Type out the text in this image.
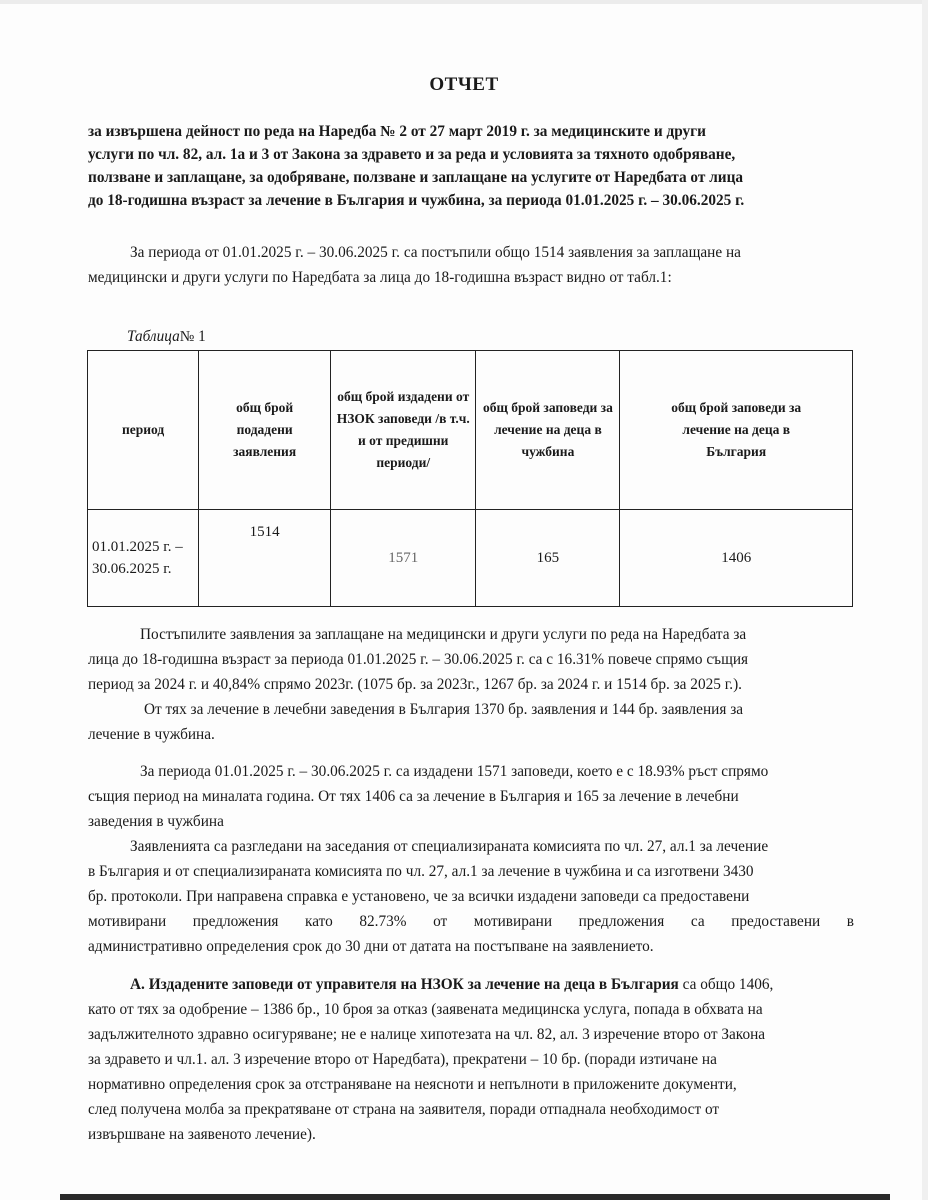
ОТЧЕТ
за извършена дейност по реда на Наредба № 2 от 27 март 2019 г. за медицинските и други
услуги по чл. 82, ал. 1а и 3 от Закона за здравето и за реда и условията за тяхното одобряване,
ползване и заплащане, за одобряване, ползване и заплащане на услугите от Наредбата от лица
до 18-годишна възраст за лечение в България и чужбина, за периода 01.01.2025 г. – 30.06.2025 г.
За периода от 01.01.2025 г. – 30.06.2025 г. са постъпили общо 1514 заявления за заплащане на
медицински и други услуги по Наредбата за лица до 18-годишна възраст видно от табл.1:
Таблица№ 1
период	общ брой подадени заявления	общ брой издадени от НЗОК заповеди /в т.ч. и от предишни периоди/	общ брой заповеди за лечение на деца в чужбина	общ брой заповеди за лечение на деца в България

01.01.2025 г. –
30.06.2025 г.	1514	1571	165	1406
Постъпилите заявления за заплащане на медицински и други услуги по реда на Наредбата за
лица до 18-годишна възраст за периода 01.01.2025 г. – 30.06.2025 г. са с 16.31% повече спрямо същия
период за 2024 г. и 40,84% спрямо 2023г. (1075 бр. за 2023г., 1267 бр. за 2024 г. и 1514 бр. за 2025 г.).
От тях за лечение в лечебни заведения в България 1370 бр. заявления и 144 бр. заявления за
лечение в чужбина.
За периода 01.01.2025 г. – 30.06.2025 г. са издадени 1571 заповеди, което е с 18.93% ръст спрямо
същия период на миналата година. От тях 1406 са за лечение в България и 165 за лечение в лечебни
заведения в чужбина
Заявленията са разгледани на заседания от специализираната комисията по чл. 27, ал.1 за лечение
в България и от специализираната комисията по чл. 27, ал.1 за лечение в чужбина и са изготвени 3430
бр. протоколи. При направена справка е установено, че за всички издадени заповеди са предоставени
мотивирани предложения като 82.73% от мотивирани предложения са предоставени в
административно определения срок до 30 дни от датата на постъпване на заявлението.
А. Издадените заповеди от управителя на НЗОК за лечение на деца в България са общо 1406,
като от тях за одобрение – 1386 бр., 10 броя за отказ (заявената медицинска услуга, попада в обхвата на
задължителното здравно осигуряване; не е налице хипотезата на чл. 82, ал. 3 изречение второ от Закона
за здравето и чл.1. ал. 3 изречение второ от Наредбата), прекратени – 10 бр. (поради изтичане на
нормативно определения срок за отстраняване на неясноти и непълноти в приложените документи,
след получена молба за прекратяване от страна на заявителя, поради отпаднала необходимост от
извършване на заявеното лечение).
